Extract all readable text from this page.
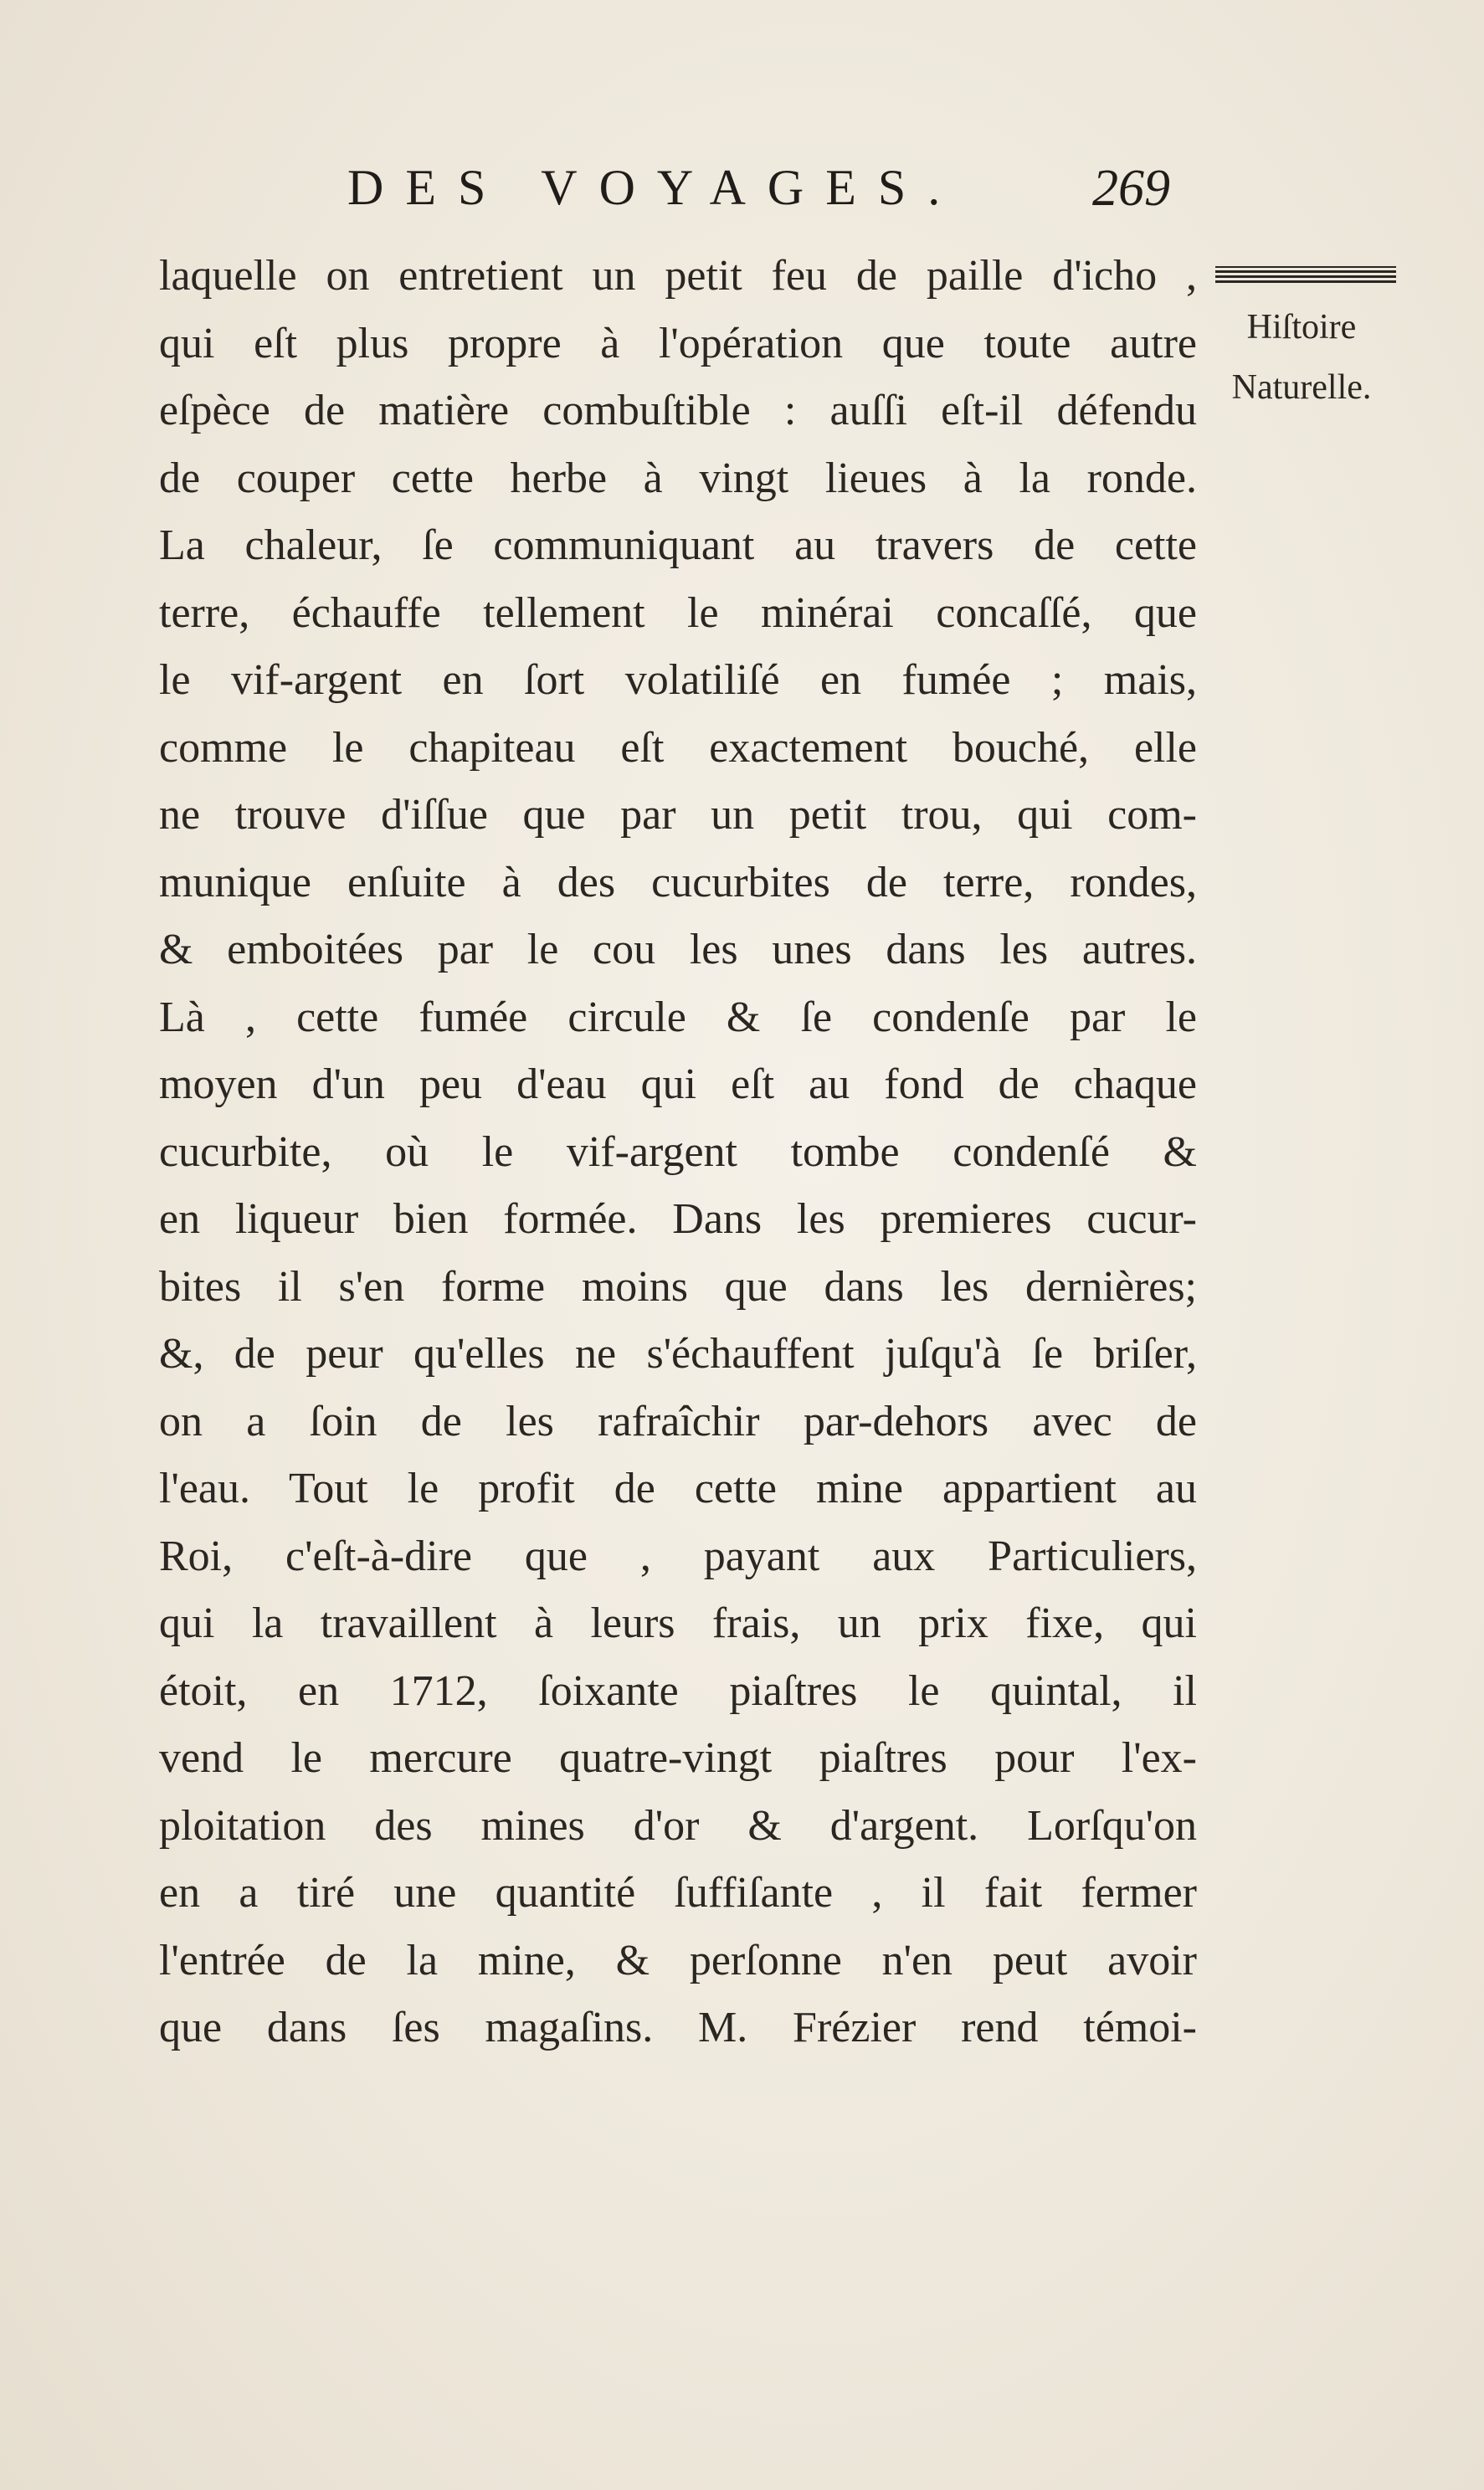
DES VOYAGES.	269
Hiſtoire
Naturelle.
laquelle on entretient un petit feu de paille d'icho ,
qui eſt plus propre à l'opération que toute autre
eſpèce de matière combuſtible : auſſi eſt-il défendu
de couper cette herbe à vingt lieues à la ronde.
La chaleur, ſe communiquant au travers de cette
terre, échauffe tellement le minérai concaſſé, que
le vif-argent en ſort volatiliſé en fumée ; mais,
comme le chapiteau eſt exactement bouché, elle
ne trouve d'iſſue que par un petit trou, qui com-
munique enſuite à des cucurbites de terre, rondes,
& emboitées par le cou les unes dans les autres.
Là , cette fumée circule & ſe condenſe par le
moyen d'un peu d'eau qui eſt au fond de chaque
cucurbite, où le vif-argent tombe condenſé &
en liqueur bien formée. Dans les premieres cucur-
bites il s'en forme moins que dans les dernières;
&, de peur qu'elles ne s'échauffent juſqu'à ſe briſer,
on a ſoin de les rafraîchir par-dehors avec de
l'eau. Tout le profit de cette mine appartient au
Roi, c'eſt-à-dire que , payant aux Particuliers,
qui la travaillent à leurs frais, un prix fixe, qui
étoit, en 1712, ſoixante piaſtres le quintal, il
vend le mercure quatre-vingt piaſtres pour l'ex-
ploitation des mines d'or & d'argent. Lorſqu'on
en a tiré une quantité ſuffiſante , il fait fermer
l'entrée de la mine, & perſonne n'en peut avoir
que dans ſes magaſins. M. Frézier rend témoi-
